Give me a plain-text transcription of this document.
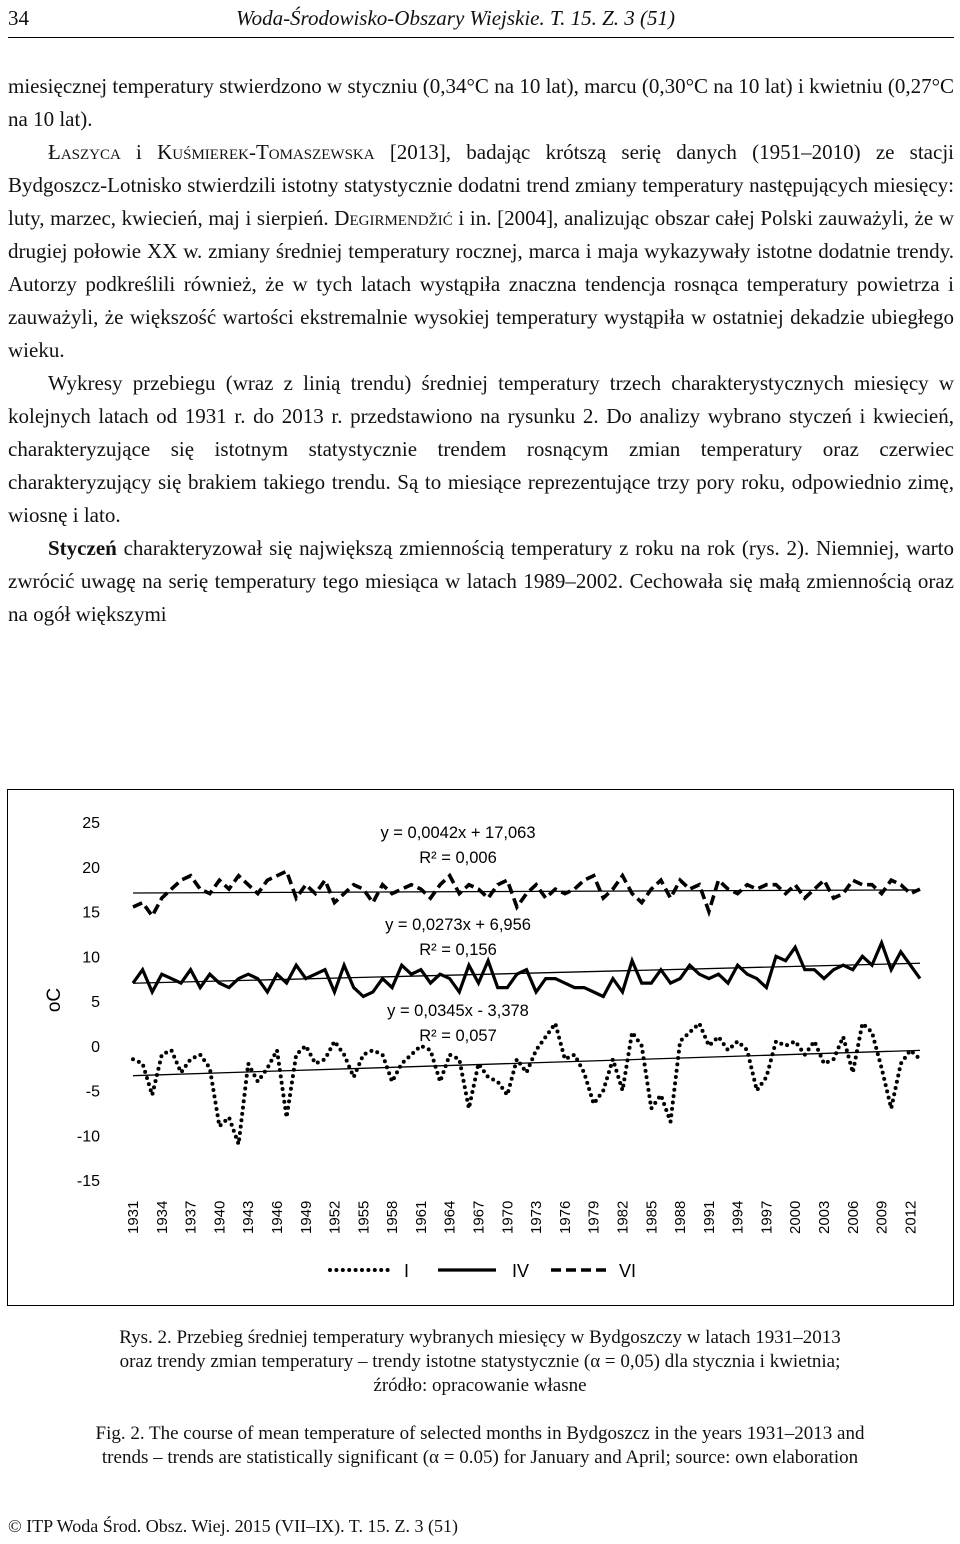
34	Woda-Środowisko-Obszary Wiejskie. T. 15. Z. 3 (51)

miesięcznej temperatury stwierdzono w styczniu (0,34°C na 10 lat), marcu (0,30°C na 10 lat) i kwietniu (0,27°C na 10 lat).

Łaszyca i Kuśmierek-Tomaszewska [2013], badając krótszą serię danych (1951–2010) ze stacji Bydgoszcz-Lotnisko stwierdzili istotny statystycznie dodatni trend zmiany temperatury następujących miesięcy: luty, marzec, kwiecień, maj i sierpień. Degirmendžić i in. [2004], analizując obszar całej Polski zauważyli, że w drugiej połowie XX w. zmiany średniej temperatury rocznej, marca i maja wykazywały istotne dodatnie trendy. Autorzy podkreślili również, że w tych latach wystąpiła znaczna tendencja rosnąca temperatury powietrza i zauważyli, że większość wartości ekstremalnie wysokiej temperatury wystąpiła w ostatniej dekadzie ubiegłego wieku.

Wykresy przebiegu (wraz z linią trendu) średniej temperatury trzech charakterystycznych miesięcy w kolejnych latach od 1931 r. do 2013 r. przedstawiono na rysunku 2. Do analizy wybrano styczeń i kwiecień, charakteryzujące się istotnym statystycznie trendem rosnącym zmian temperatury oraz czerwiec charakteryzujący się brakiem takiego trendu. Są to miesiące reprezentujące trzy pory roku, odpowiednio zimę, wiosnę i lato.

Styczeń charakteryzował się największą zmiennością temperatury z roku na rok (rys. 2). Niemniej, warto zwrócić uwagę na serię temperatury tego miesiąca w latach 1989–2002. Cechowała się małą zmiennością oraz na ogół większymi

25
20
15
10
5
0
-5
-10
-15
1931 1934 1937 1940 1943 1946 1949 1952 1955 1958 1961 1964 1967 1970 1973 1976 1979 1982 1985 1988 1991 1994 1997 2000 2003 2006 2009 2012
oC	y = 0,0345x - 3,378
R² = 0,057
y = 0,0273x + 6,956
R² = 0,156
y = 0,0042x + 17,063
R² = 0,006
I	IV	VI
Rys. 2. Przebieg średniej temperatury wybranych miesięcy w Bydgoszczy w latach 1931–2013
oraz trendy zmian temperatury – trendy istotne statystycznie (α = 0,05) dla stycznia i kwietnia;
źródło: opracowanie własne
Fig. 2. The course of mean temperature of selected months in Bydgoszcz in the years 1931–2013 and
trends – trends are statistically significant (α = 0.05) for January and April; source: own elaboration
© ITP Woda Środ. Obsz. Wiej. 2015 (VII–IX). T. 15. Z. 3 (51)
